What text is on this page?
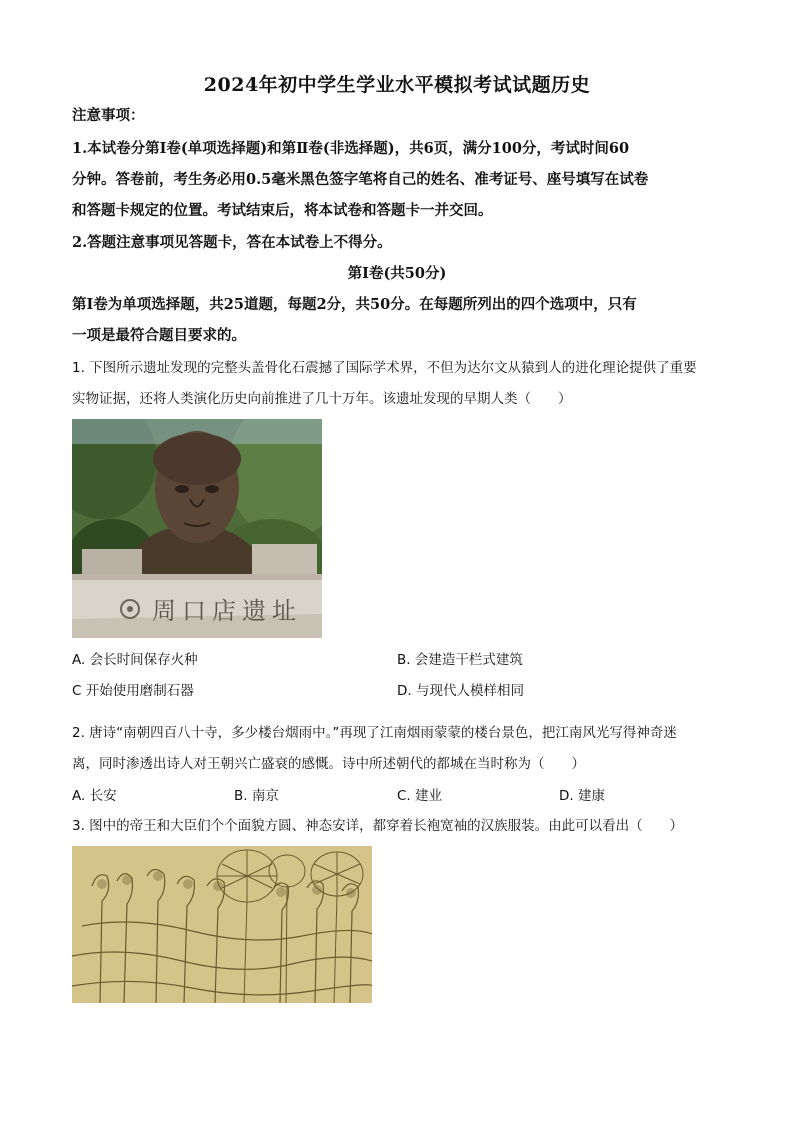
2024年初中学生学业水平模拟考试试题历史
注意事项：
1.本试卷分第Ⅰ卷(单项选择题)和第Ⅱ卷(非选择题)，共6页，满分100分，考试时间60
分钟。答卷前，考生务必用0.5毫米黑色签字笔将自己的姓名、准考证号、座号填写在试卷
和答题卡规定的位置。考试结束后，将本试卷和答题卡一并交回。
2.答题注意事项见答题卡，答在本试卷上不得分。
第Ⅰ卷(共50分)
第Ⅰ卷为单项选择题，共25道题，每题2分，共50分。在每题所列出的四个选项中，只有
一项是最符合题目要求的。
1. 下图所示遗址发现的完整头盖骨化石震撼了国际学术界，不但为达尔文从猿到人的进化理论提供了重要
实物证据，还将人类演化历史向前推进了几十万年。该遗址发现的早期人类（　　）
周口店遗址
A. 会长时间保存火种	B. 会建造干栏式建筑
C 开始使用磨制石器	D. 与现代人模样相同
2. 唐诗“南朝四百八十寺，多少楼台烟雨中。”再现了江南烟雨蒙蒙的楼台景色，把江南风光写得神奇迷
离，同时渗透出诗人对王朝兴亡盛衰的感慨。诗中所述朝代的都城在当时称为（　　）
A. 长安	B. 南京	C. 建业	D. 建康
3. 图中的帝王和大臣们个个面貌方圆、神态安详，都穿着长袍宽袖的汉族服装。由此可以看出（　　）
